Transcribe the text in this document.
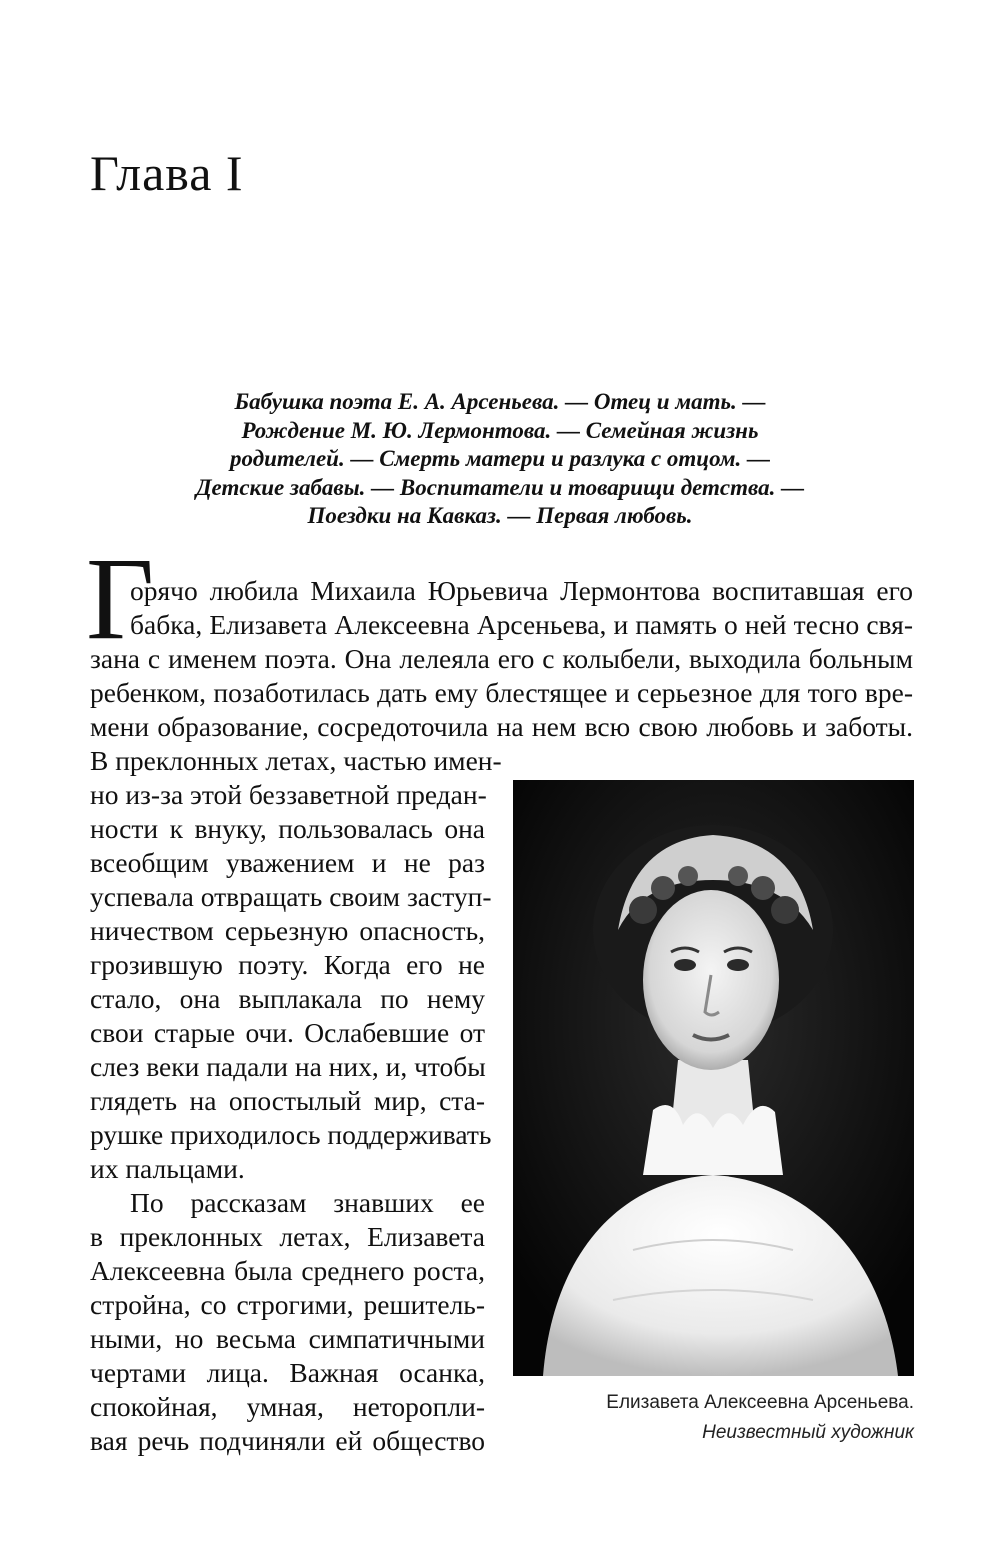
Глава I
Бабушка поэта Е. А. Арсеньева. — Отец и мать. —
Рождение М. Ю. Лермонтова. — Семейная жизнь
родителей. — Смерть матери и разлука с отцом. —
Детские забавы. — Воспитатели и товарищи детства. —
Поездки на Кавказ. — Первая любовь.
Г
орячо любила Михаила Юрьевича Лермонтова воспитавшая его
бабка, Елизавета Алексеевна Арсеньева, и память о ней тесно свя-
зана с именем поэта. Она лелеяла его с колыбели, выходила больным
ребенком, позаботилась дать ему блестящее и серьезное для того вре-
мени образование, сосредоточила на нем всю свою любовь и заботы.
В преклонных летах, частью имен-
но из-за этой беззаветной предан-
ности к внуку, пользовалась она
всеобщим уважением и не раз
успевала отвращать своим заступ-
ничеством серьезную опасность,
грозившую поэту. Когда его не
стало, она выплакала по нему
свои старые очи. Ослабевшие от
слез веки падали на них, и, чтобы
глядеть на опостылый мир, ста-
рушке приходилось поддерживать
их пальцами.
По рассказам знавших ее
в преклонных летах, Елизавета
Алексеевна была среднего роста,
стройна, со строгими, решитель-
ными, но весьма симпатичными
чертами лица. Важная осанка,
спокойная, умная, неторопли-
вая речь подчиняли ей общество
Елизавета Алексеевна Арсеньева.
Неизвестный художник
